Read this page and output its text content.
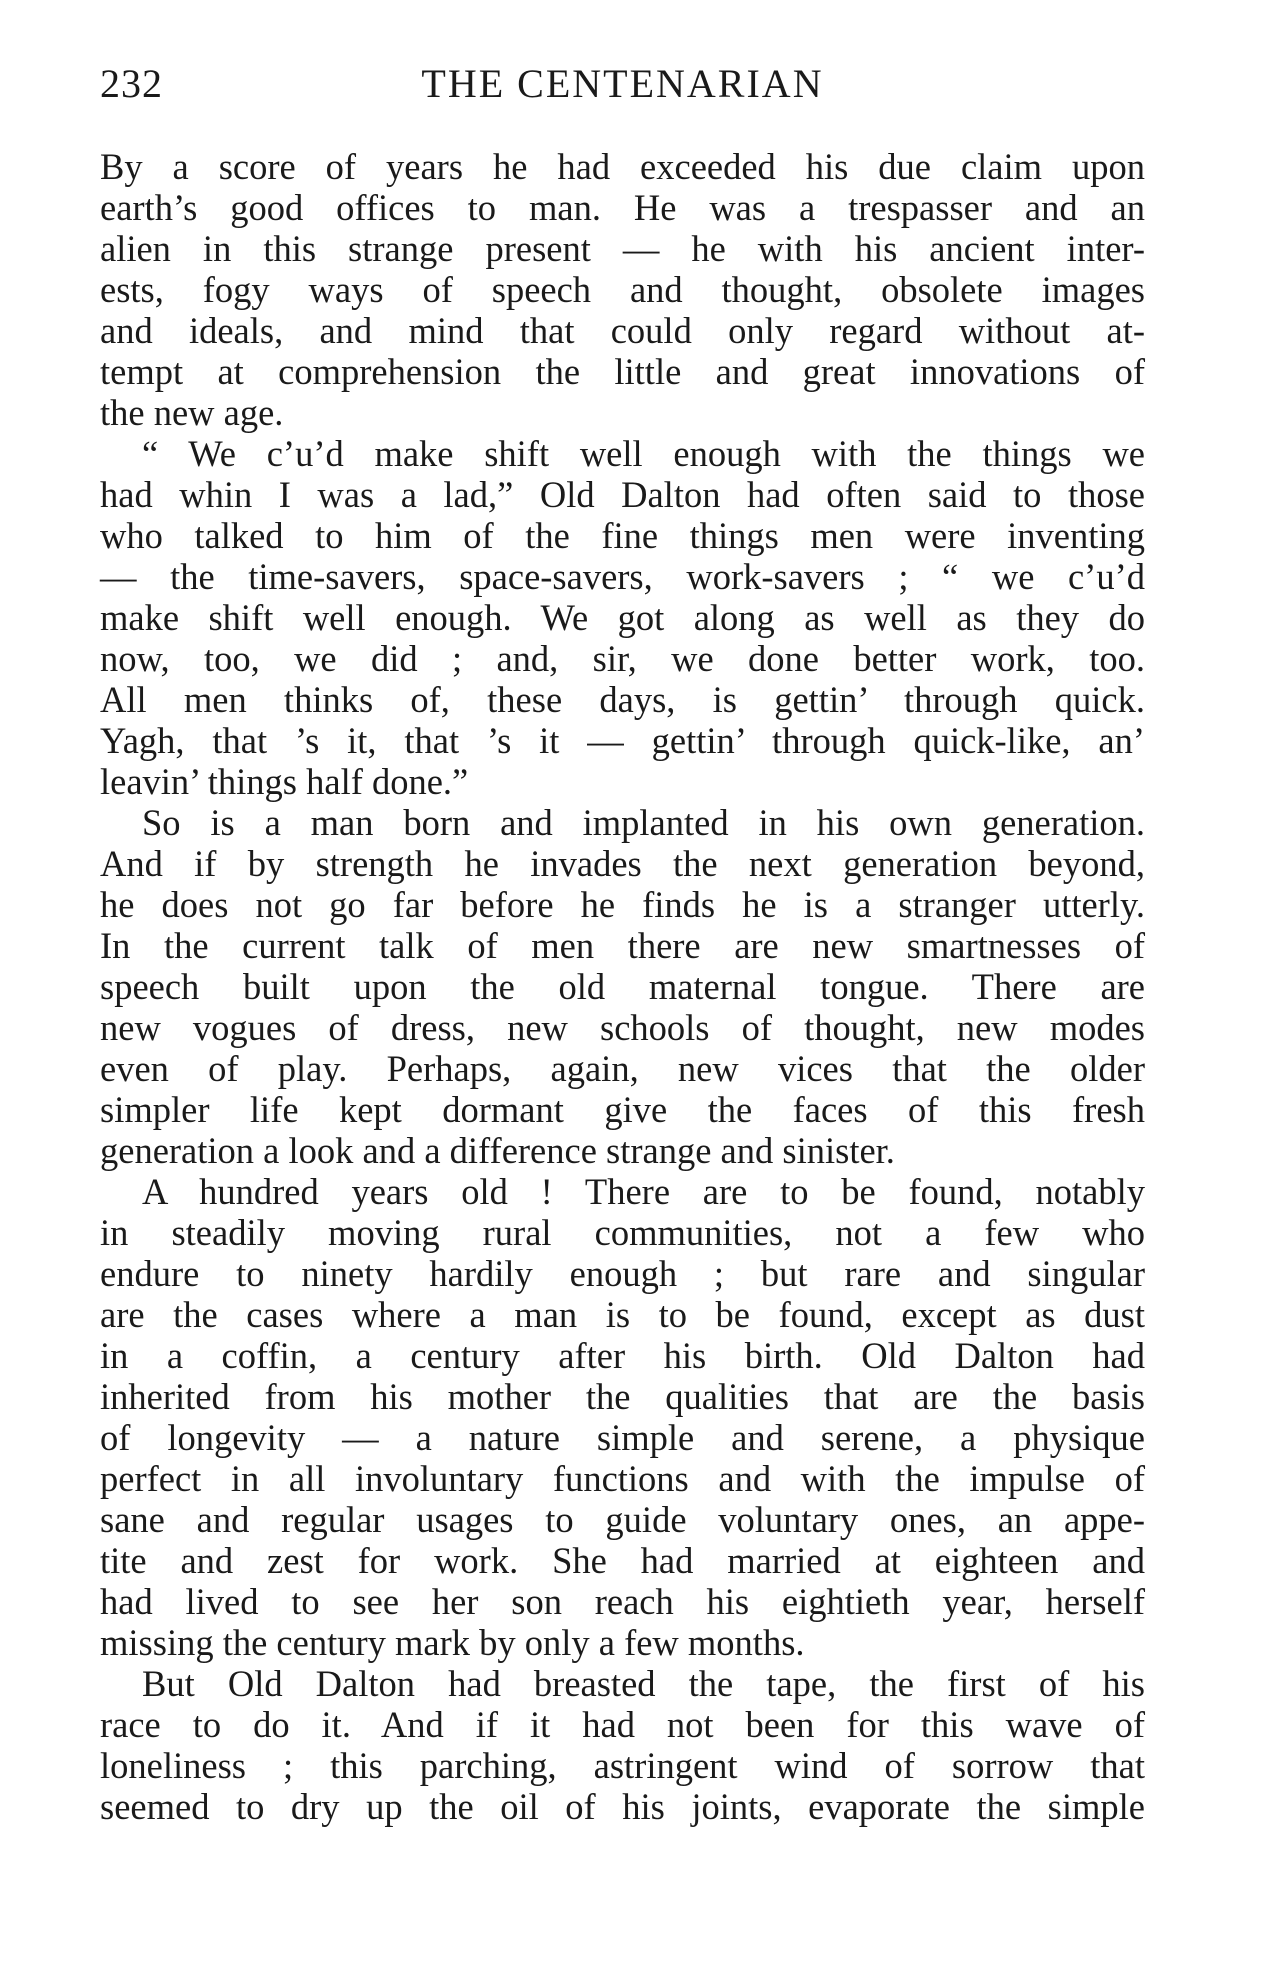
232	THE CENTENARIAN
By a score of years he had exceeded his due claim upon
earth’s good offices to man. He was a trespasser and an
alien in this strange present — he with his ancient inter-
ests, fogy ways of speech and thought, obsolete images
and ideals, and mind that could only regard without at-
tempt at comprehension the little and great innovations of
the new age.
“ We c’u’d make shift well enough with the things we
had whin I was a lad,” Old Dalton had often said to those
who talked to him of the fine things men were inventing
— the time-savers, space-savers, work-savers ; “ we c’u’d
make shift well enough. We got along as well as they do
now, too, we did ; and, sir, we done better work, too.
All men thinks of, these days, is gettin’ through quick.
Yagh, that ’s it, that ’s it — gettin’ through quick-like, an’
leavin’ things half done.”
So is a man born and implanted in his own generation.
And if by strength he invades the next generation beyond,
he does not go far before he finds he is a stranger utterly.
In the current talk of men there are new smartnesses of
speech built upon the old maternal tongue. There are
new vogues of dress, new schools of thought, new modes
even of play. Perhaps, again, new vices that the older
simpler life kept dormant give the faces of this fresh
generation a look and a difference strange and sinister.
A hundred years old ! There are to be found, notably
in steadily moving rural communities, not a few who
endure to ninety hardily enough ; but rare and singular
are the cases where a man is to be found, except as dust
in a coffin, a century after his birth. Old Dalton had
inherited from his mother the qualities that are the basis
of longevity — a nature simple and serene, a physique
perfect in all involuntary functions and with the impulse of
sane and regular usages to guide voluntary ones, an appe-
tite and zest for work. She had married at eighteen and
had lived to see her son reach his eightieth year, herself
missing the century mark by only a few months.
But Old Dalton had breasted the tape, the first of his
race to do it. And if it had not been for this wave of
loneliness ; this parching, astringent wind of sorrow that
seemed to dry up the oil of his joints, evaporate the simple
